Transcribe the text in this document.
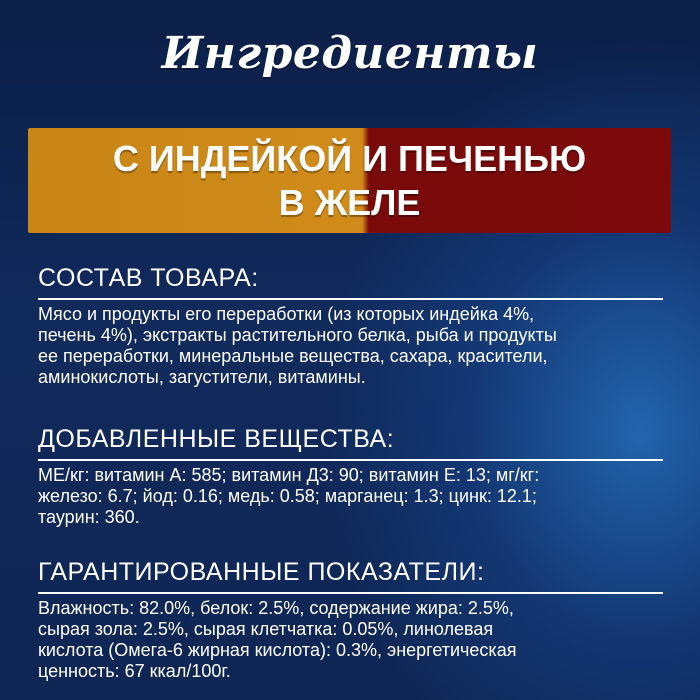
Ингредиенты
С ИНДЕЙКОЙ И ПЕЧЕНЬЮ
В ЖЕЛЕ
СОСТАВ ТОВАРА:
Мясо и продукты его переработки (из которых индейка 4%,
печень 4%), экстракты растительного белка, рыба и продукты
ее переработки, минеральные вещества, сахара, красители,
аминокислоты, загустители, витамины.
ДОБАВЛЕННЫЕ ВЕЩЕСТВА:
МЕ/кг: витамин А: 585; витамин Д3: 90; витамин Е: 13; мг/кг:
железо: 6.7; йод: 0.16; медь: 0.58; марганец: 1.3; цинк: 12.1;
таурин: 360.
ГАРАНТИРОВАННЫЕ ПОКАЗАТЕЛИ:
Влажность: 82.0%, белок: 2.5%, содержание жира: 2.5%,
сырая зола: 2.5%, сырая клетчатка: 0.05%, линолевая
кислота (Омега-6 жирная кислота): 0.3%, энергетическая
ценность: 67 ккал/100г.
